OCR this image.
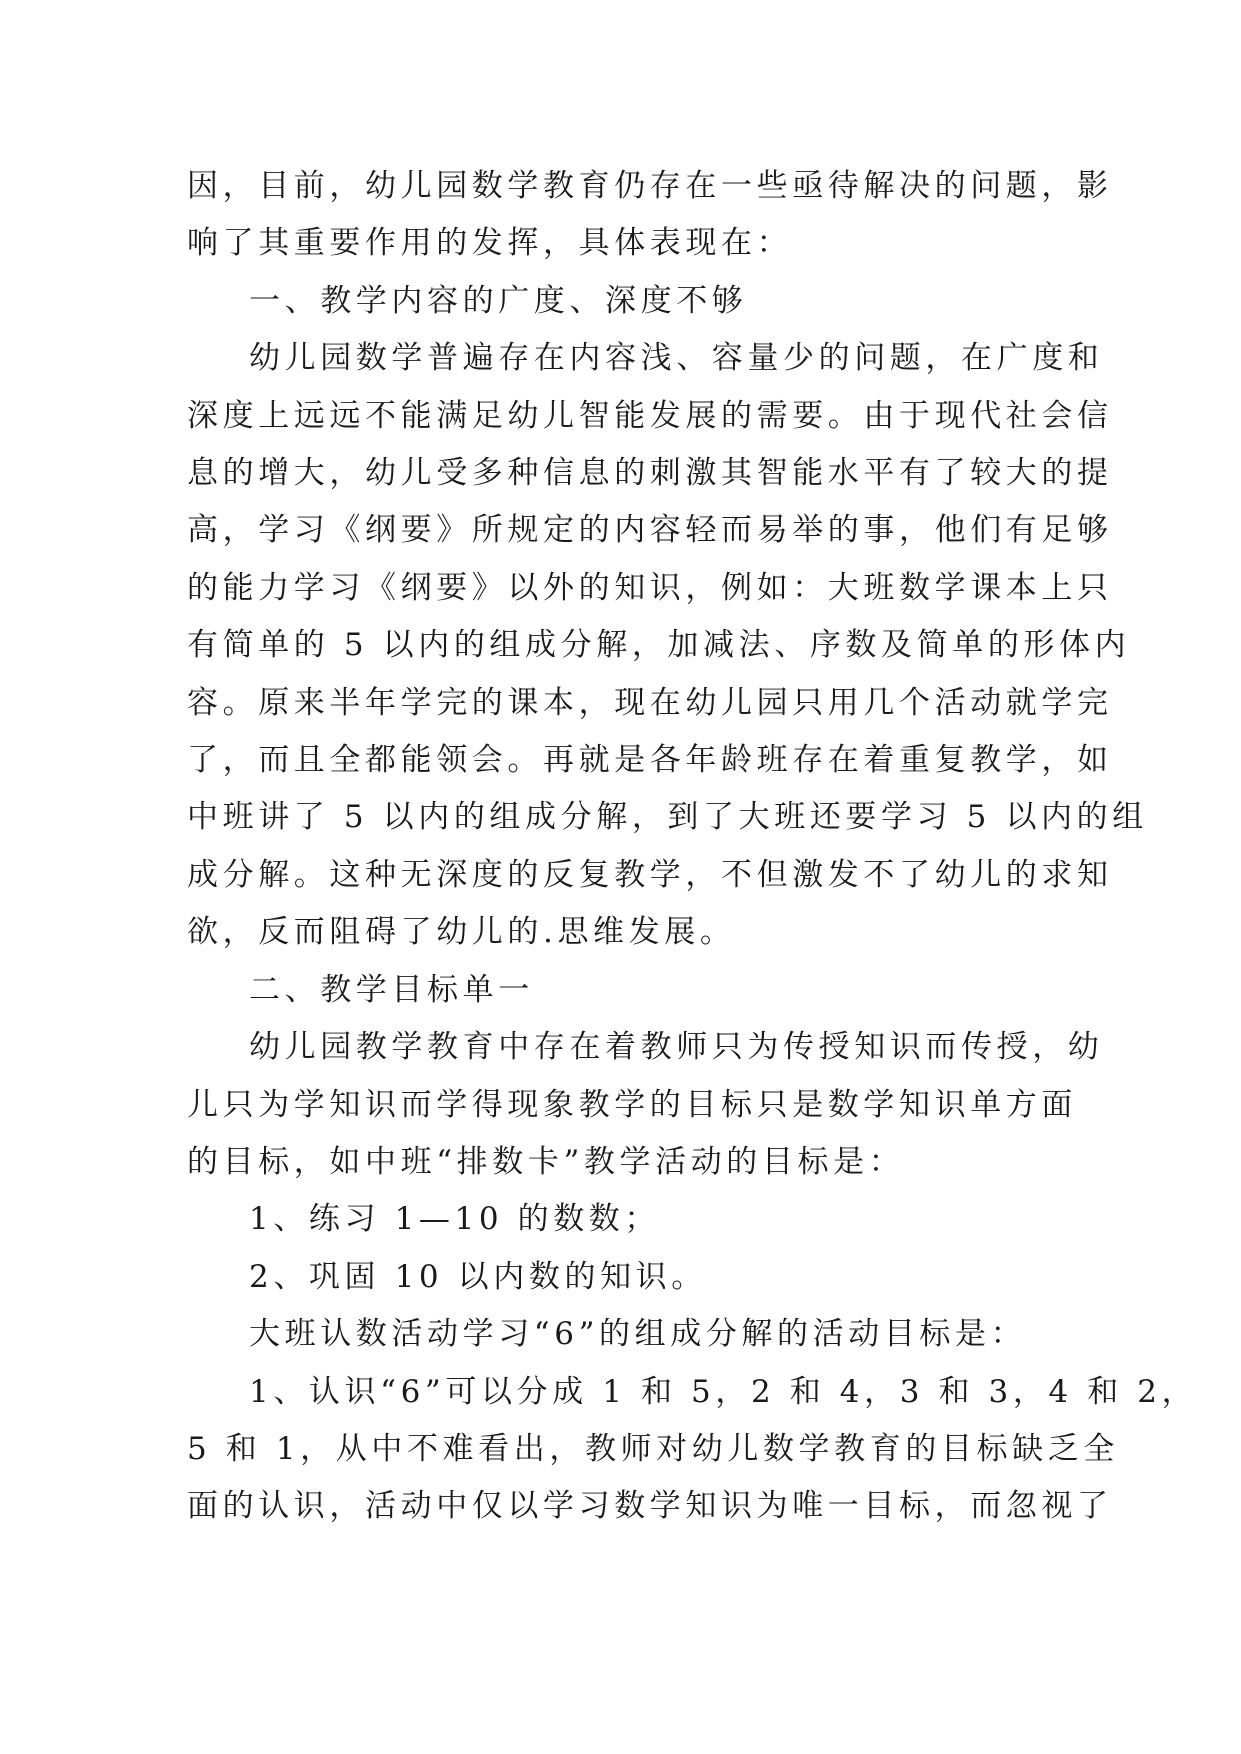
因，目前，幼儿园数学教育仍存在一些亟待解决的问题，影
响了其重要作用的发挥，具体表现在：

一、教学内容的广度、深度不够

幼儿园数学普遍存在内容浅、容量少的问题，在广度和
深度上远远不能满足幼儿智能发展的需要。由于现代社会信
息的增大，幼儿受多种信息的刺激其智能水平有了较大的提
高，学习《纲要》所规定的内容轻而易举的事，他们有足够
的能力学习《纲要》以外的知识，例如：大班数学课本上只
有简单的 5 以内的组成分解，加减法、序数及简单的形体内
容。原来半年学完的课本，现在幼儿园只用几个活动就学完
了，而且全都能领会。再就是各年龄班存在着重复教学，如
中班讲了 5 以内的组成分解，到了大班还要学习 5 以内的组
成分解。这种无深度的反复教学，不但激发不了幼儿的求知
欲，反而阻碍了幼儿的.思维发展。

二、教学目标单一

幼儿园教学教育中存在着教师只为传授知识而传授，幼
儿只为学知识而学得现象教学的目标只是数学知识单方面
的目标，如中班“排数卡”教学活动的目标是：

1、练习 1—10 的数数；

2、巩固 10 以内数的知识。

大班认数活动学习“6”的组成分解的活动目标是：

1、认识“6”可以分成 1 和 5，2 和 4，3 和 3，4 和 2，
5 和 1，从中不难看出，教师对幼儿数学教育的目标缺乏全
面的认识，活动中仅以学习数学知识为唯一目标，而忽视了
